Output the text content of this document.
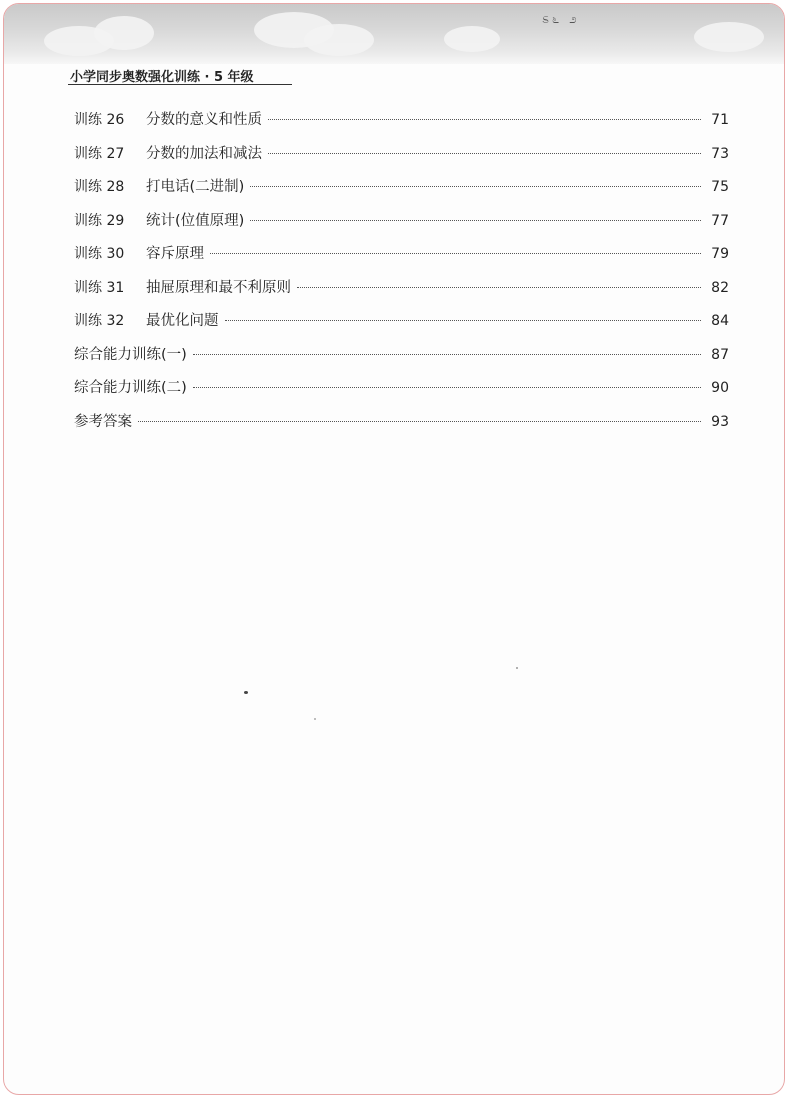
ಽ೬ ೨
小学同步奥数强化训练 · 5 年级
训练 26	分数的意义和性质	71
训练 27	分数的加法和减法	73
训练 28	打电话(二进制)	75
训练 29	统计(位值原理)	77
训练 30	容斥原理	79
训练 31	抽屉原理和最不利原则	82
训练 32	最优化问题	84
综合能力训练(一)	87
综合能力训练(二)	90
参考答案	93
